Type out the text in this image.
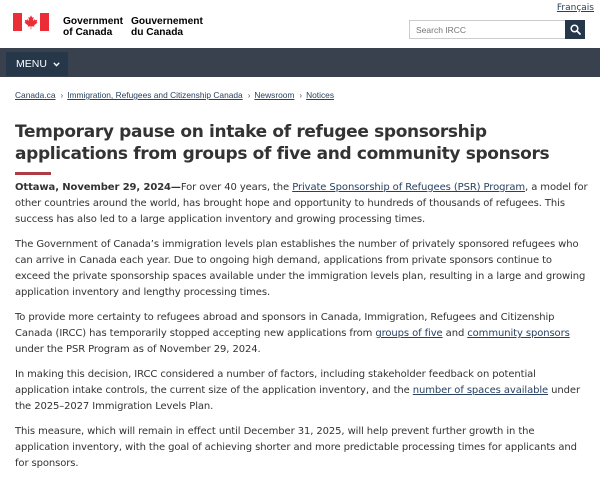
Français
Government
of Canada
Gouvernement
du Canada
Search IRCC
MENU
Canada.ca › Immigration, Refugees and Citizenship Canada › Newsroom › Notices
Temporary pause on intake of refugee sponsorship applications from groups of five and community sponsors

Ottawa, November 29, 2024—For over 40 years, the Private Sponsorship of Refugees (PSR) Program, a model for other countries around the world, has brought hope and opportunity to hundreds of thousands of refugees. This success has also led to a large application inventory and growing processing times.

The Government of Canada’s immigration levels plan establishes the number of privately sponsored refugees who can arrive in Canada each year. Due to ongoing high demand, applications from private sponsors continue to exceed the private sponsorship spaces available under the immigration levels plan, resulting in a large and growing application inventory and lengthy processing times.

To provide more certainty to refugees abroad and sponsors in Canada, Immigration, Refugees and Citizenship Canada (IRCC) has temporarily stopped accepting new applications from groups of five and community sponsors under the PSR Program as of November 29, 2024.

In making this decision, IRCC considered a number of factors, including stakeholder feedback on potential application intake controls, the current size of the application inventory, and the number of spaces available under the 2025–2027 Immigration Levels Plan.

This measure, which will remain in effect until December 31, 2025, will help prevent further growth in the application inventory, with the goal of achieving shorter and more predictable processing times for applicants and for sponsors.
